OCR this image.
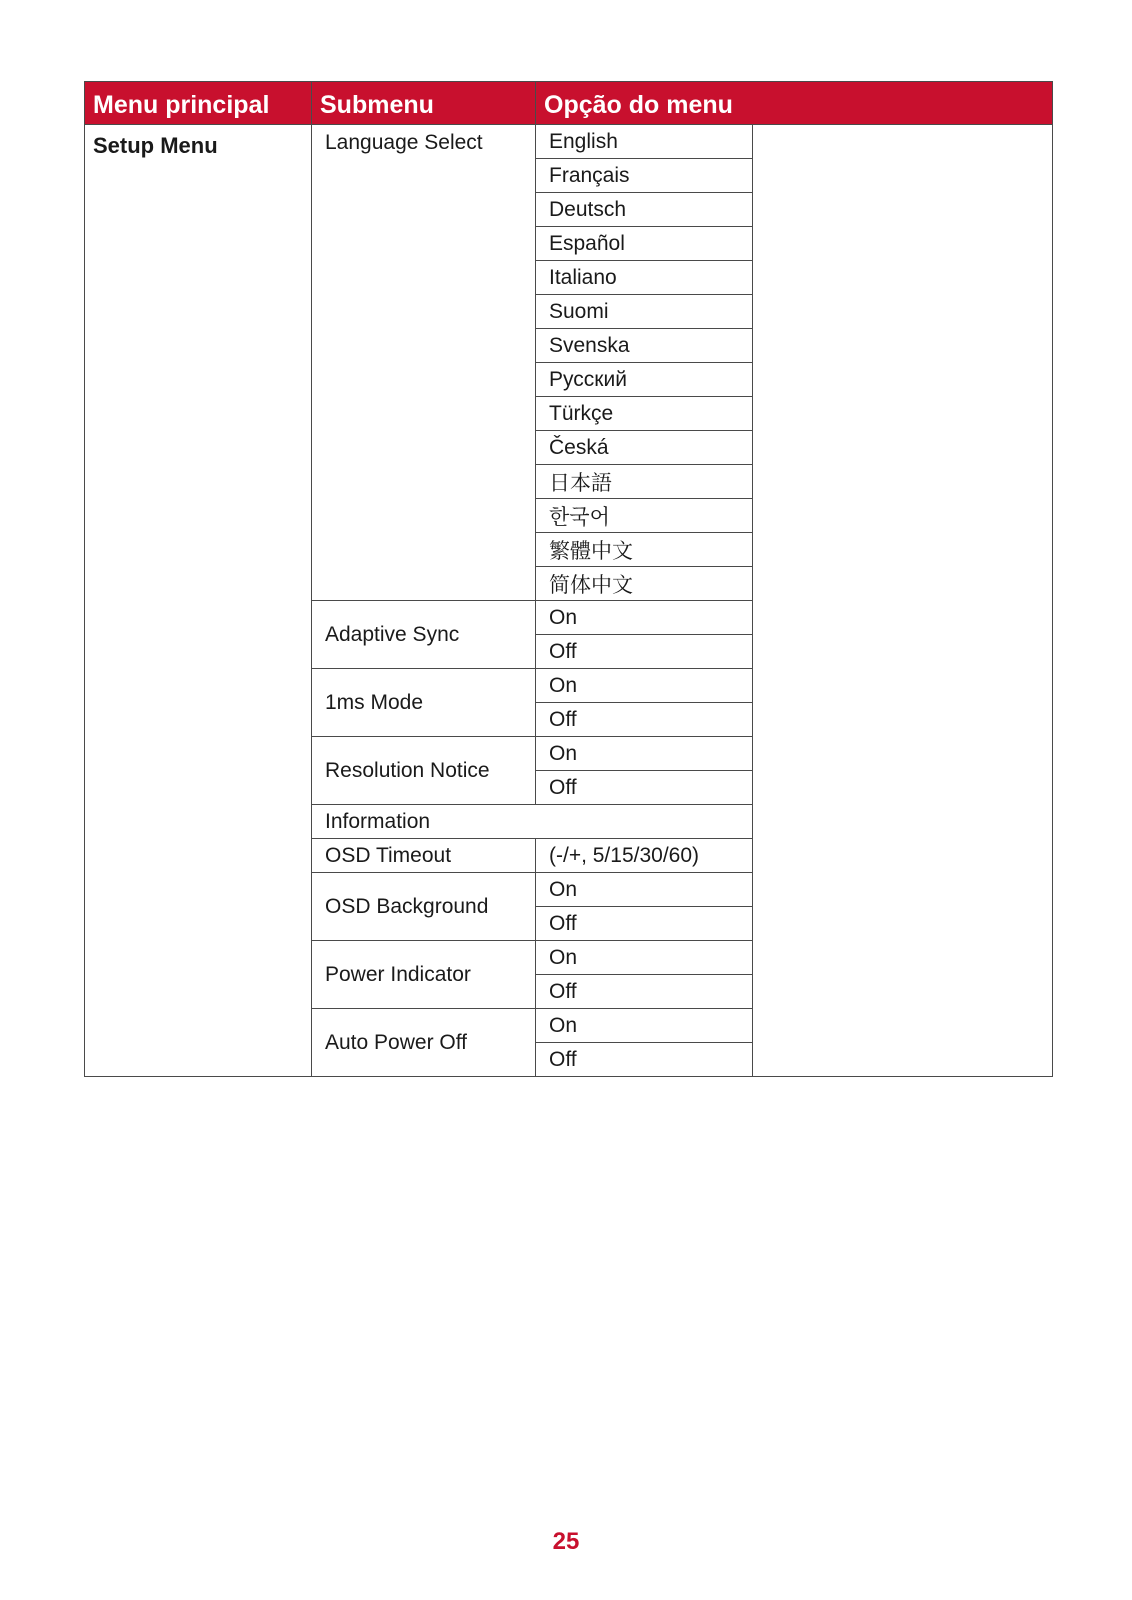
Menu principal	Submenu	Opção do menu	
Setup Menu	Language Select	English	
		Français	
		Deutsch	
		Español	
		Italiano	
		Suomi	
		Svenska	
		Русский	
		Türkçe	
		Česká	
		日本語	
		한국어	
		繁體中文	
		简体中文	
	Adaptive Sync	On	
		Off	
	1ms Mode	On	
		Off	
	Resolution Notice	On	
		Off	
	Information		
	OSD Timeout	(-/+, 5/15/30/60)	
	OSD Background	On	
		Off	
	Power Indicator	On	
		Off	
	Auto Power Off	On	
		Off	
25
